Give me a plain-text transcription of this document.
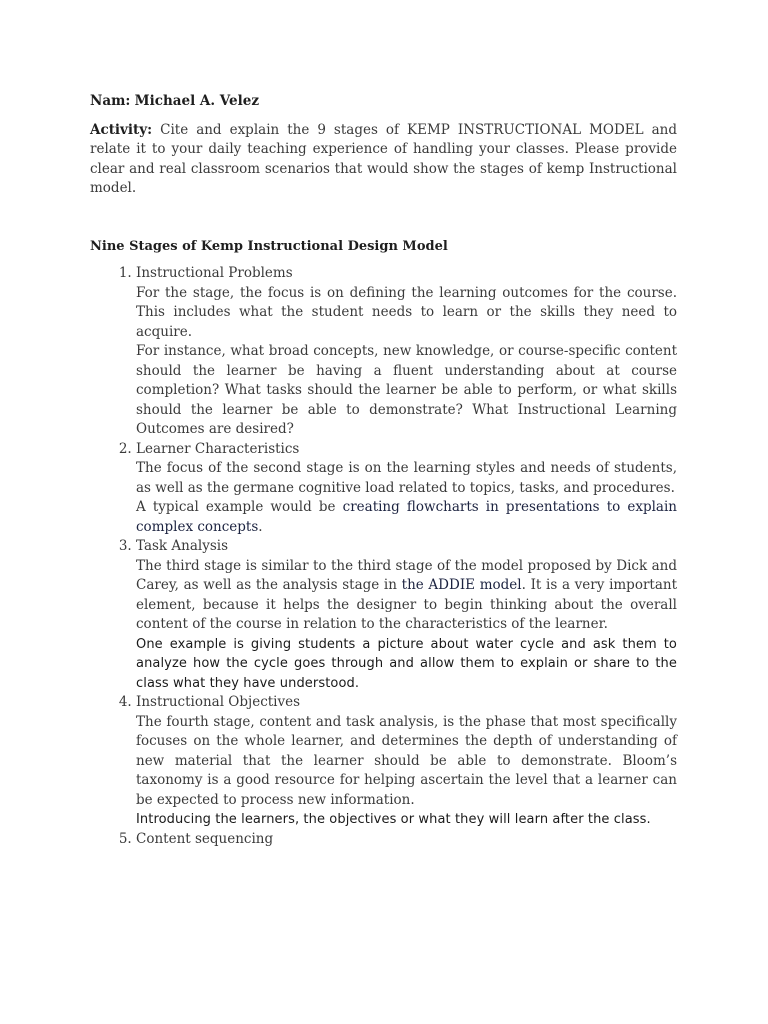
Nam: Michael A. Velez
Activity: Cite and explain the 9 stages of KEMP INSTRUCTIONAL MODEL and relate it to your daily teaching experience of handling your classes. Please provide clear and real classroom scenarios that would show the stages of kemp Instructional model.
Nine Stages of Kemp Instructional Design Model
1. Instructional Problems
For the stage, the focus is on defining the learning outcomes for the course. This includes what the student needs to learn or the skills they need to acquire.
For instance, what broad concepts, new knowledge, or course-specific content should the learner be having a fluent understanding about at course completion? What tasks should the learner be able to perform, or what skills should the learner be able to demonstrate? What Instructional Learning Outcomes are desired?
2. Learner Characteristics
The focus of the second stage is on the learning styles and needs of students, as well as the germane cognitive load related to topics, tasks, and procedures.
A typical example would be creating flowcharts in presentations to explain complex concepts.
3. Task Analysis
The third stage is similar to the third stage of the model proposed by Dick and Carey, as well as the analysis stage in the ADDIE model. It is a very important element, because it helps the designer to begin thinking about the overall content of the course in relation to the characteristics of the learner.
One example is giving students a picture about water cycle and ask them to analyze how the cycle goes through and allow them to explain or share to the class what they have understood.
4. Instructional Objectives
The fourth stage, content and task analysis, is the phase that most specifically focuses on the whole learner, and determines the depth of understanding of new material that the learner should be able to demonstrate. Bloom’s taxonomy is a good resource for helping ascertain the level that a learner can be expected to process new information.
Introducing the learners, the objectives or what they will learn after the class.
5. Content sequencing
